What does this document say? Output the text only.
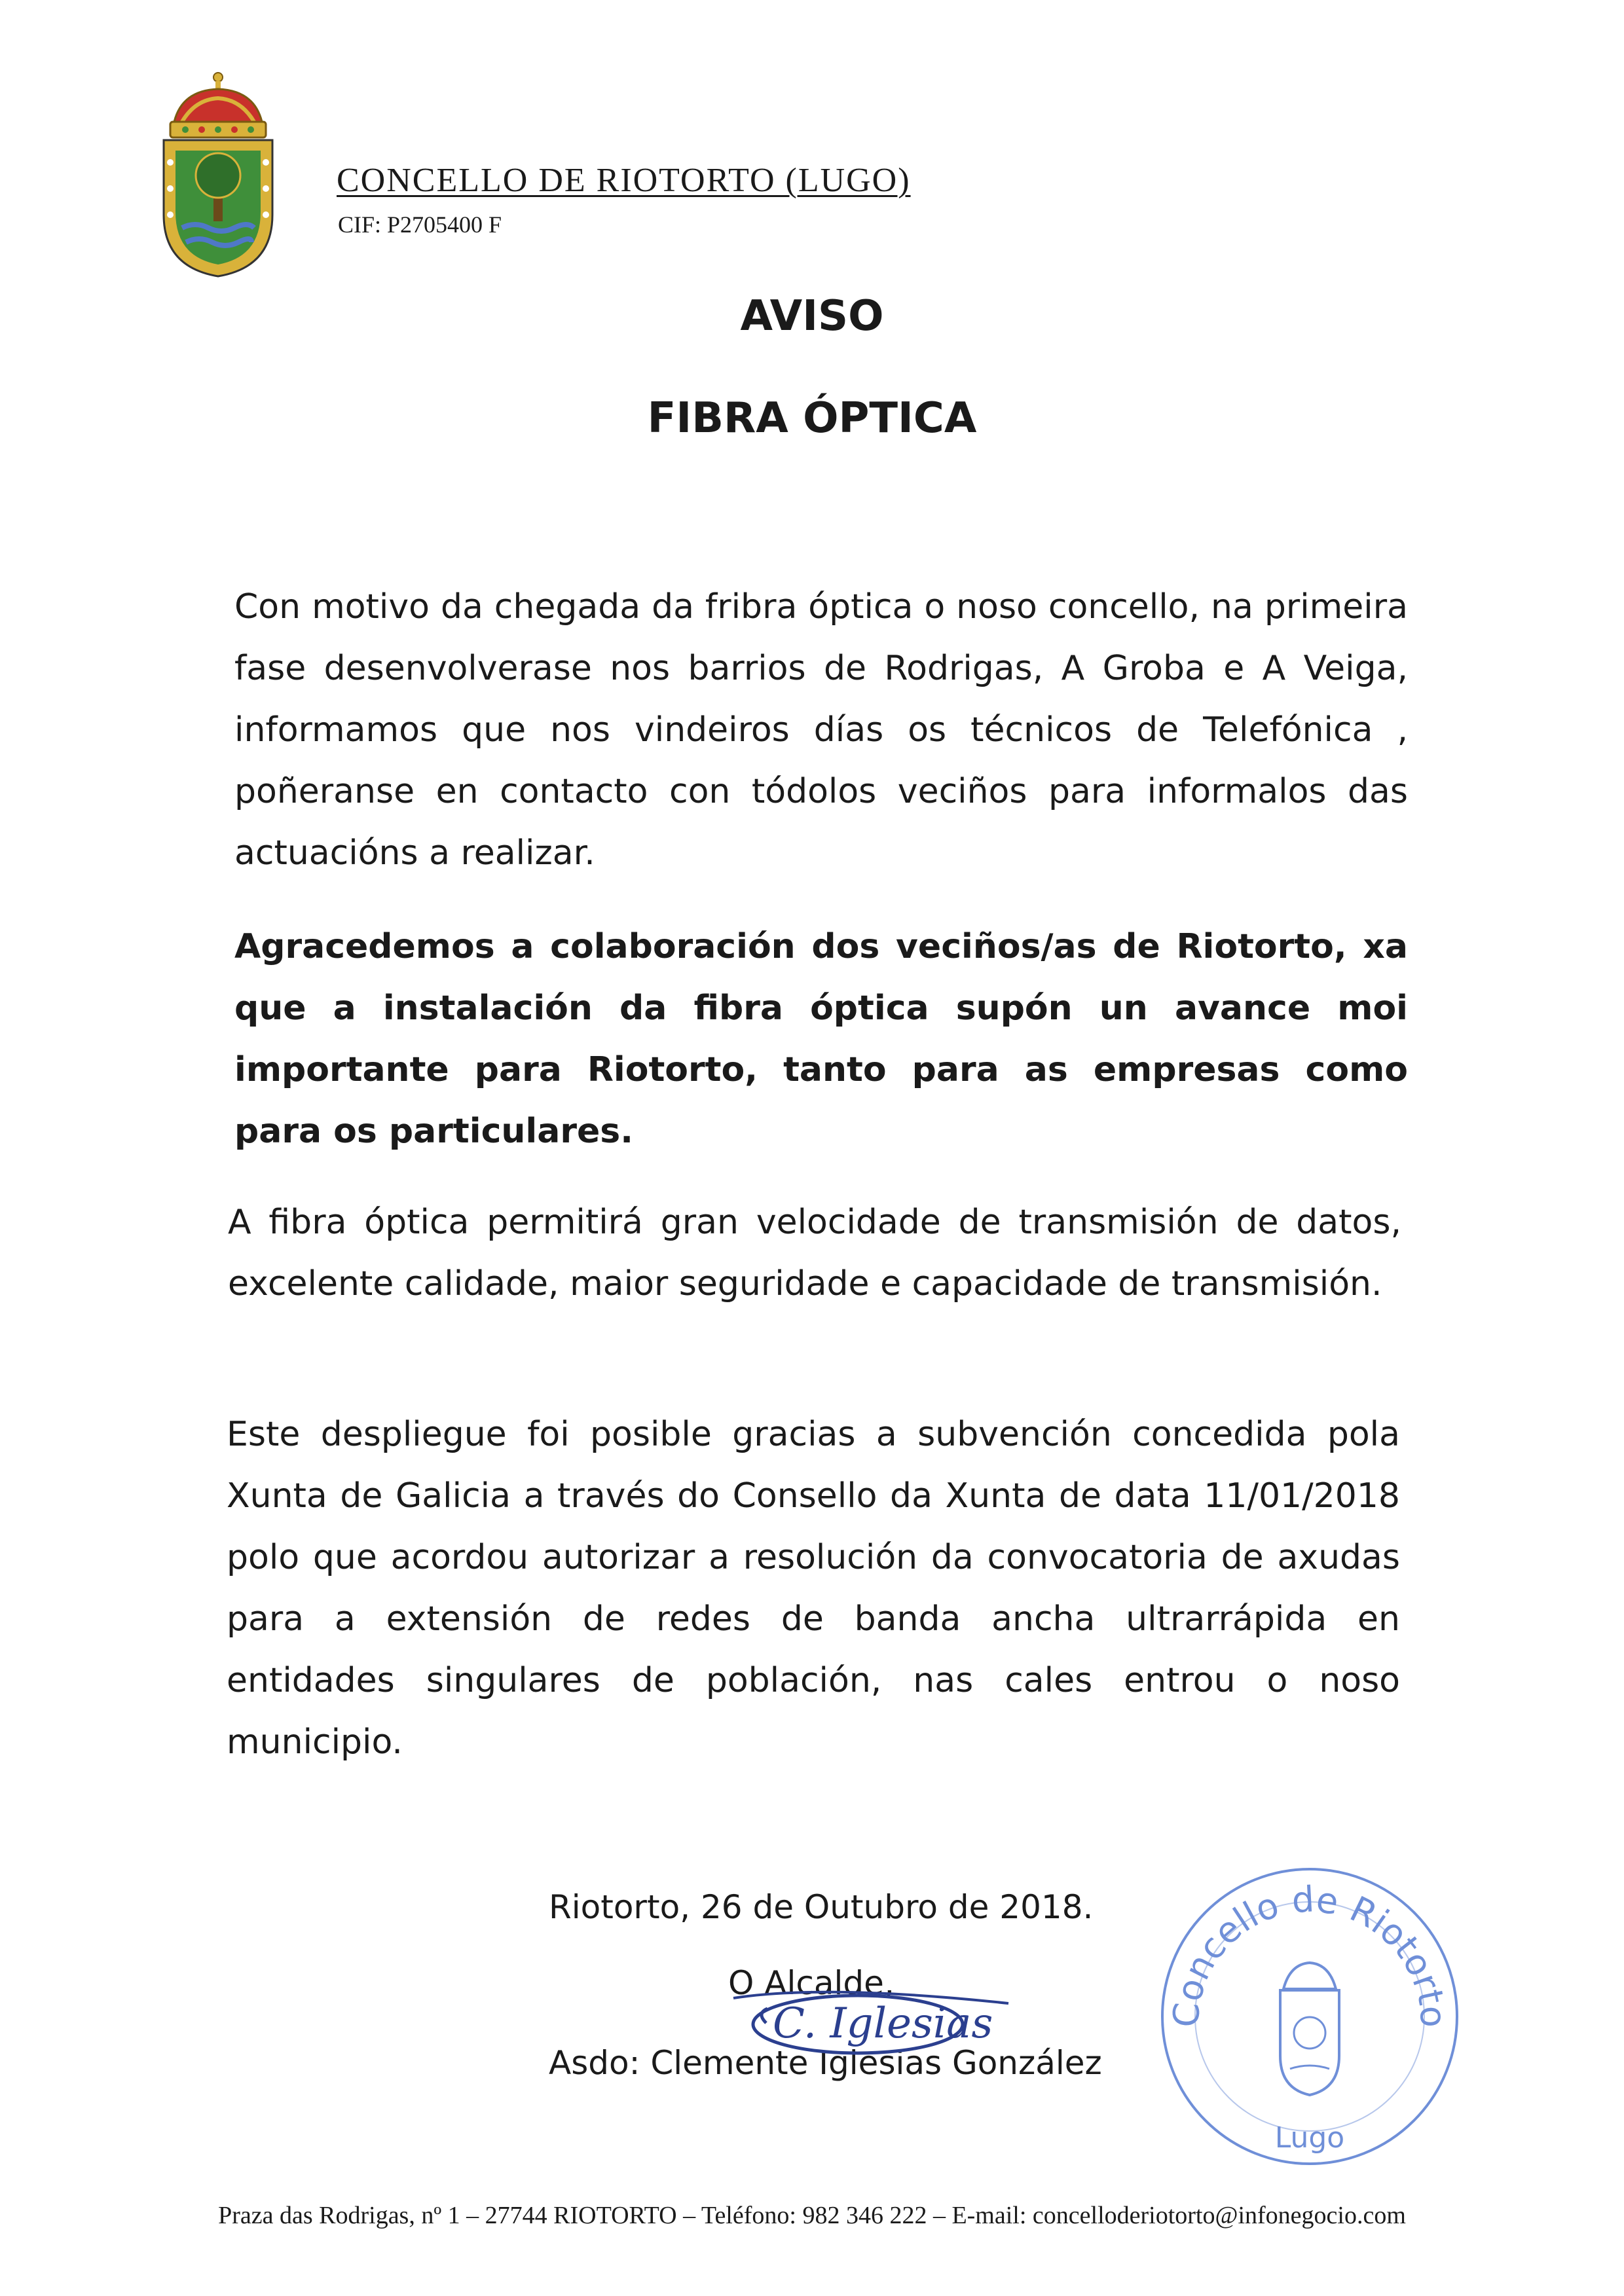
CONCELLO DE RIOTORTO (LUGO)
CIF: P2705400 F
AVISO
FIBRA ÓPTICA

Con motivo da chegada da fribra óptica o noso concello, na primeira fase desenvolverase nos barrios de Rodrigas, A Groba e A Veiga, informamos que nos vindeiros días os técnicos de Telefónica , poñeranse en contacto con tódolos veciños para informalos das actuacións a realizar.

Agracedemos a colaboración dos veciños/as de Riotorto, xa que a instalación da fibra óptica supón un avance moi importante para Riotorto, tanto para as empresas como para os particulares.

A fibra óptica permitirá gran velocidade de transmisión de datos, excelente calidade, maior seguridade e capacidade de transmisión.

Este despliegue foi posible gracias a subvención concedida pola Xunta de Galicia a través do Consello da Xunta de data 11/01/2018 polo que acordou autorizar a resolución da convocatoria de axudas para a extensión de redes de banda ancha ultrarrápida en entidades singulares de población, nas cales entrou o noso municipio.

Riotorto, 26 de Outubro de 2018.
O Alcalde,
Asdo: Clemente Iglesias González
C. Iglesias	Concello de Riotorto
Lugo
Praza das Rodrigas, nº 1 – 27744 RIOTORTO – Teléfono: 982 346 222 – E-mail: concelloderiotorto@infonegocio.com
